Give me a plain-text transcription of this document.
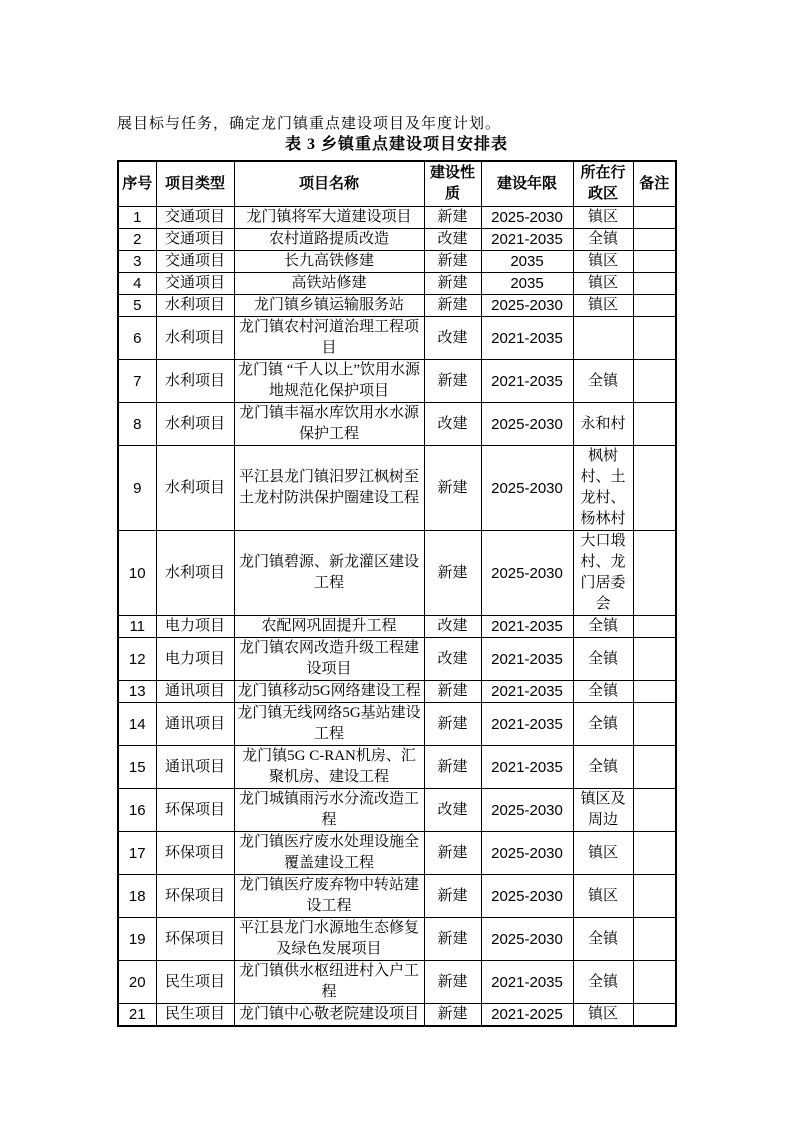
展目标与任务，确定龙门镇重点建设项目及年度计划。

表 3 乡镇重点建设项目安排表
序号	项目类型	项目名称	建设性质	建设年限	所在行政区	备注
1	交通项目	龙门镇将军大道建设项目	新建	2025-2030	镇区	
2	交通项目	农村道路提质改造	改建	2021-2035	全镇	
3	交通项目	长九高铁修建	新建	2035	镇区	
4	交通项目	高铁站修建	新建	2035	镇区	
5	水利项目	龙门镇乡镇运输服务站	新建	2025-2030	镇区	
6	水利项目	龙门镇农村河道治理工程项目	改建	2021-2035		
7	水利项目	龙门镇 “千人以上”饮用水源地规范化保护项目	新建	2021-2035	全镇	
8	水利项目	龙门镇丰福水库饮用水水源保护工程	改建	2025-2030	永和村	
9	水利项目	平江县龙门镇汨罗江枫树至土龙村防洪保护圈建设工程	新建	2025-2030	枫树村、土龙村、杨林村	
10	水利项目	龙门镇碧源、新龙灌区建设工程	新建	2025-2030	大口塅村、龙门居委会	
11	电力项目	农配网巩固提升工程	改建	2021-2035	全镇	
12	电力项目	龙门镇农网改造升级工程建设项目	改建	2021-2035	全镇	
13	通讯项目	龙门镇移动5G网络建设工程	新建	2021-2035	全镇	
14	通讯项目	龙门镇无线网络5G基站建设工程	新建	2021-2035	全镇	
15	通讯项目	龙门镇5G C-RAN机房、汇聚机房、建设工程	新建	2021-2035	全镇	
16	环保项目	龙门城镇雨污水分流改造工程	改建	2025-2030	镇区及周边	
17	环保项目	龙门镇医疗废水处理设施全覆盖建设工程	新建	2025-2030	镇区	
18	环保项目	龙门镇医疗废弃物中转站建设工程	新建	2025-2030	镇区	
19	环保项目	平江县龙门水源地生态修复及绿色发展项目	新建	2025-2030	全镇	
20	民生项目	龙门镇供水枢纽进村入户工程	新建	2021-2035	全镇	
21	民生项目	龙门镇中心敬老院建设项目	新建	2021-2025	镇区	
